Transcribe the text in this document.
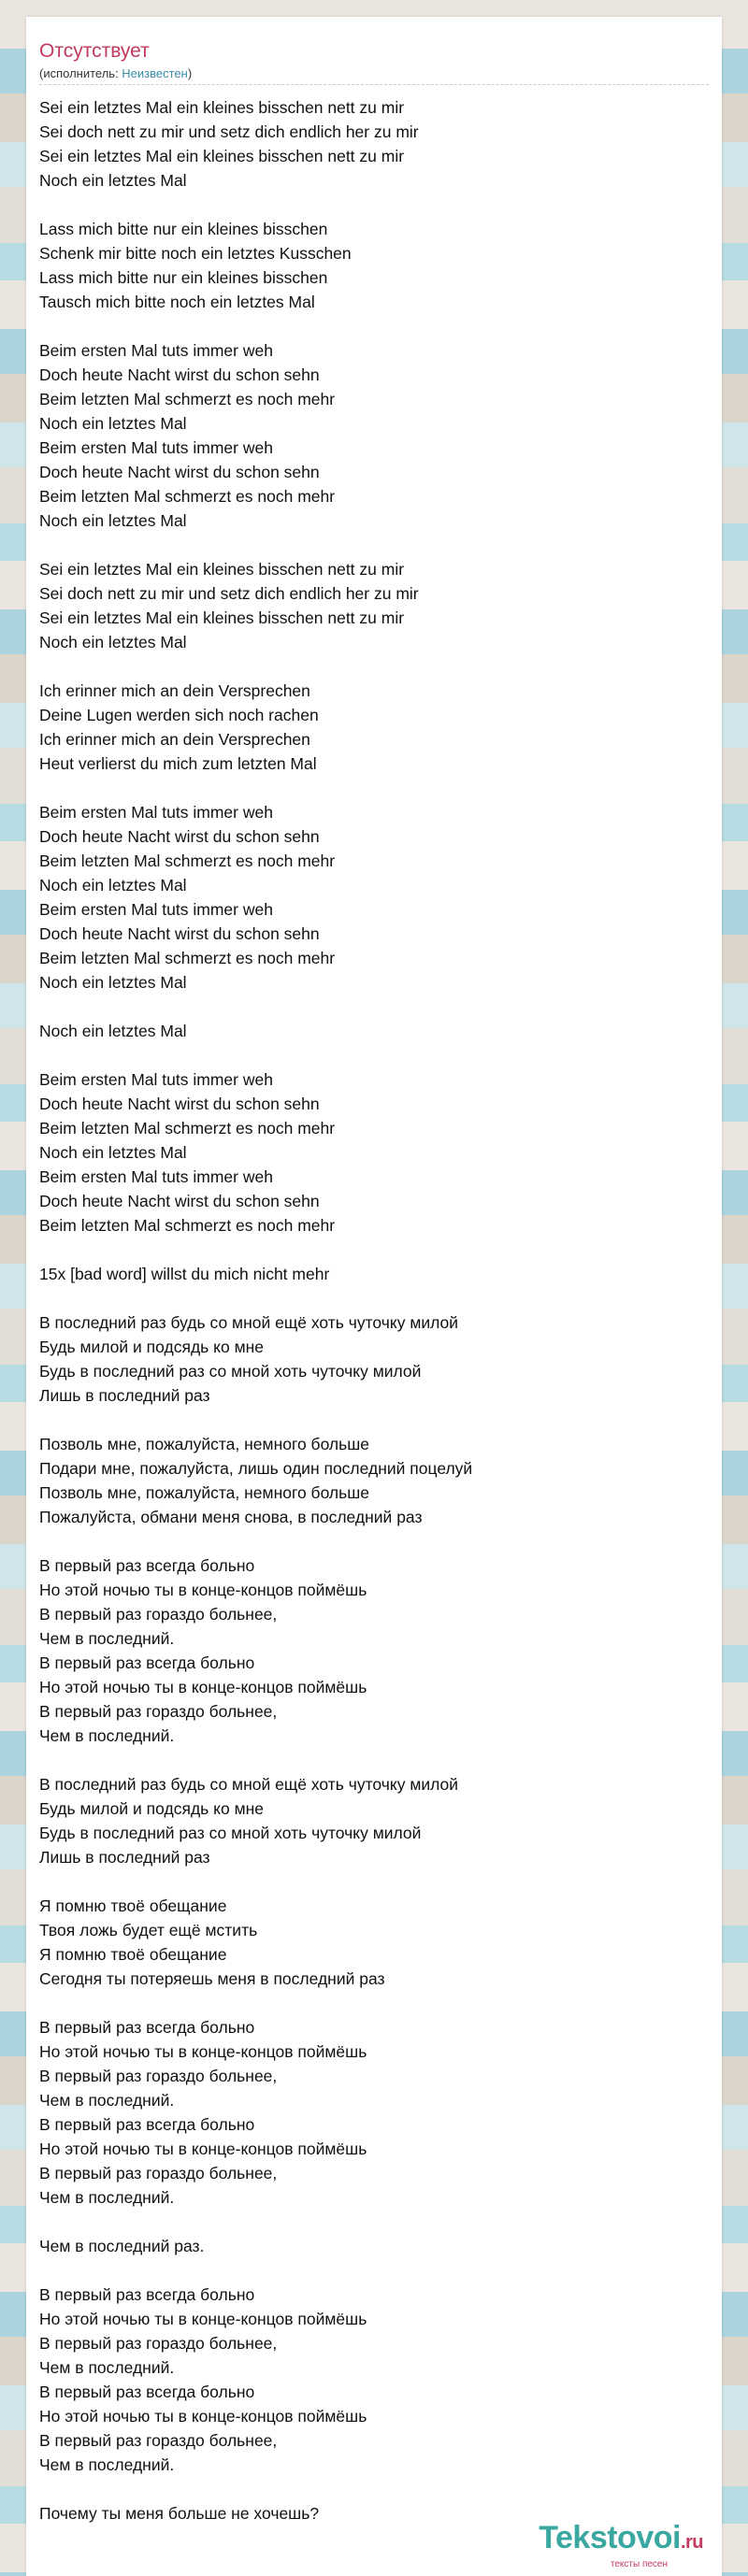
Отсутствует
(исполнитель: Неизвестен)
Sei ein letztes Mal ein kleines bisschen nett zu mir
Sei doch nett zu mir und setz dich endlich her zu mir
Sei ein letztes Mal ein kleines bisschen nett zu mir
Noch ein letztes Mal
Lass mich bitte nur ein kleines bisschen
Schenk mir bitte noch ein letztes Kusschen
Lass mich bitte nur ein kleines bisschen
Tausch mich bitte noch ein letztes Mal
Beim ersten Mal tuts immer weh
Doch heute Nacht wirst du schon sehn
Beim letzten Mal schmerzt es noch mehr
Noch ein letztes Mal
Beim ersten Mal tuts immer weh
Doch heute Nacht wirst du schon sehn
Beim letzten Mal schmerzt es noch mehr
Noch ein letztes Mal
Sei ein letztes Mal ein kleines bisschen nett zu mir
Sei doch nett zu mir und setz dich endlich her zu mir
Sei ein letztes Mal ein kleines bisschen nett zu mir
Noch ein letztes Mal
Ich erinner mich an dein Versprechen
Deine Lugen werden sich noch rachen
Ich erinner mich an dein Versprechen
Heut verlierst du mich zum letzten Mal
Beim ersten Mal tuts immer weh
Doch heute Nacht wirst du schon sehn
Beim letzten Mal schmerzt es noch mehr
Noch ein letztes Mal
Beim ersten Mal tuts immer weh
Doch heute Nacht wirst du schon sehn
Beim letzten Mal schmerzt es noch mehr
Noch ein letztes Mal
Noch ein letztes Mal
Beim ersten Mal tuts immer weh
Doch heute Nacht wirst du schon sehn
Beim letzten Mal schmerzt es noch mehr
Noch ein letztes Mal
Beim ersten Mal tuts immer weh
Doch heute Nacht wirst du schon sehn
Beim letzten Mal schmerzt es noch mehr
15x [bad word] willst du mich nicht mehr
В последний раз будь со мной ещё хоть чуточку милой
Будь милой и подсядь ко мне
Будь в последний раз со мной хоть чуточку милой
Лишь в последний раз
Позволь мне, пожалуйста, немного больше
Подари мне, пожалуйста, лишь один последний поцелуй
Позволь мне, пожалуйста, немного больше
Пожалуйста, обмани меня снова, в последний раз
В первый раз всегда больно
Но этой ночью ты в конце-концов поймёшь
В первый раз гораздо больнее,
Чем в последний.
В первый раз всегда больно
Но этой ночью ты в конце-концов поймёшь
В первый раз гораздо больнее,
Чем в последний.
В последний раз будь со мной ещё хоть чуточку милой
Будь милой и подсядь ко мне
Будь в последний раз со мной хоть чуточку милой
Лишь в последний раз
Я помню твоё обещание
Твоя ложь будет ещё мстить
Я помню твоё обещание
Сегодня ты потеряешь меня в последний раз
В первый раз всегда больно
Но этой ночью ты в конце-концов поймёшь
В первый раз гораздо больнее,
Чем в последний.
В первый раз всегда больно
Но этой ночью ты в конце-концов поймёшь
В первый раз гораздо больнее,
Чем в последний.
Чем в последний раз.
В первый раз всегда больно
Но этой ночью ты в конце-концов поймёшь
В первый раз гораздо больнее,
Чем в последний.
В первый раз всегда больно
Но этой ночью ты в конце-концов поймёшь
В первый раз гораздо больнее,
Чем в последний.
Почему ты меня больше не хочешь?
Tekstovoi.ru
тексты песен
